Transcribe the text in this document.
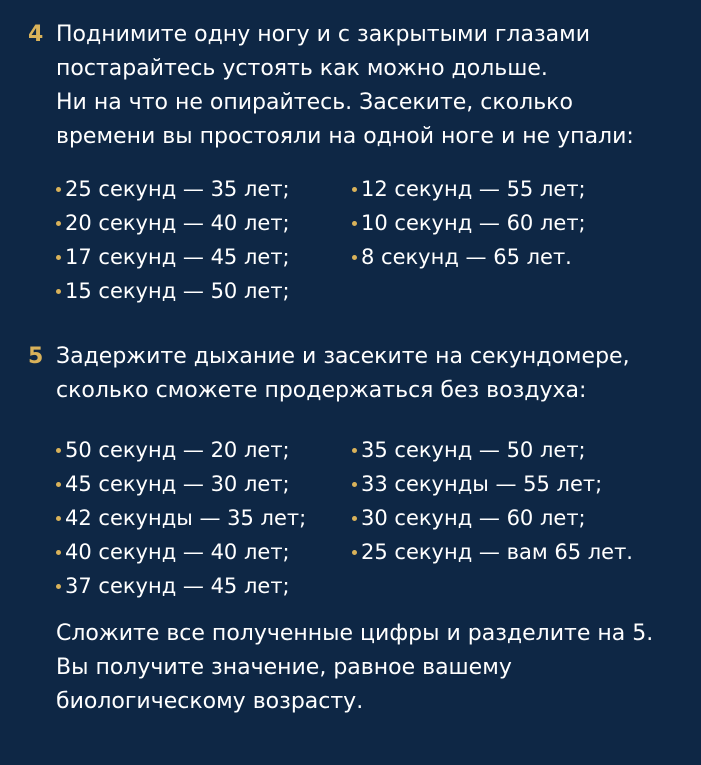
4 Поднимите одну ногу и с закрытыми глазами
постарайтесь устоять как можно дольше.
Ни на что не опирайтесь. Засеките, сколько
времени вы простояли на одной ноге и не упали:
25 секунд — 35 лет;
20 секунд — 40 лет;
17 секунд — 45 лет;
15 секунд — 50 лет;
12 секунд — 55 лет;
10 секунд — 60 лет;
8 секунд — 65 лет.
5 Задержите дыхание и засеките на секундомере,
сколько сможете продержаться без воздуха:
50 секунд — 20 лет;
45 секунд — 30 лет;
42 секунды — 35 лет;
40 секунд — 40 лет;
37 секунд — 45 лет;
35 секунд — 50 лет;
33 секунды — 55 лет;
30 секунд — 60 лет;
25 секунд — вам 65 лет.
Сложите все полученные цифры и разделите на 5.
Вы получите значение, равное вашему
биологическому возрасту.
